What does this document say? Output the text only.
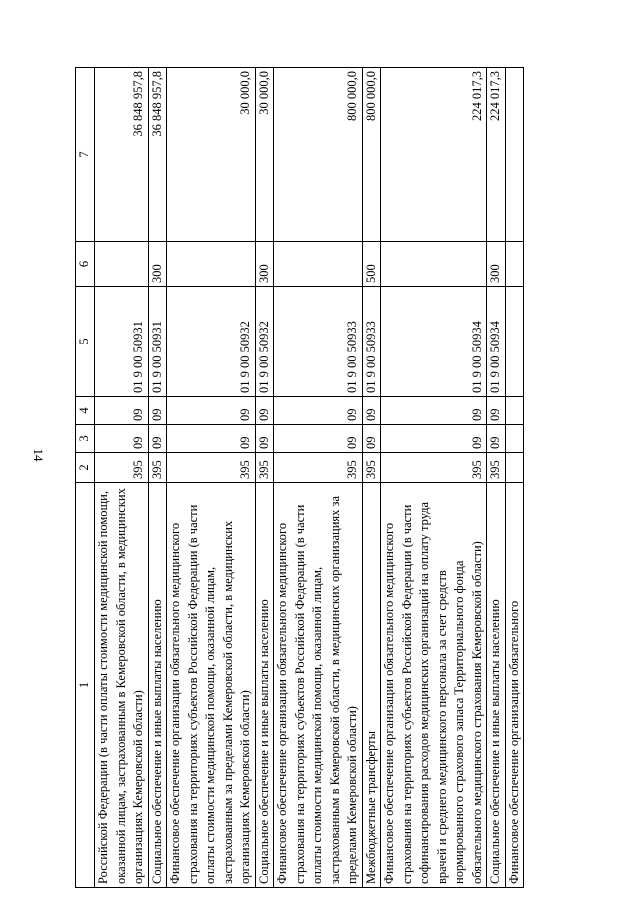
14
1	2	3	4	5	6	7
Российской Федерации (в части оплаты стоимости медицинской помощи, оказанной лицам, застрахованным в Кемеровской области, в медицинских организациях Кемеровской области)	395	09	09	01 9 00 50931		36 848 957,8
Социальное обеспечение и иные выплаты населению	395	09	09	01 9 00 50931	300	36 848 957,8
Финансовое обеспечение организации обязательного медицинского страхования на территориях субъектов Российской Федерации (в части оплаты стоимости медицинской помощи, оказанной лицам, застрахованным за пределами Кемеровской области, в медицинских организациях Кемеровской области)	395	09	09	01 9 00 50932		30 000,0
Социальное обеспечение и иные выплаты населению	395	09	09	01 9 00 50932	300	30 000,0
Финансовое обеспечение организации обязательного медицинского страхования на территориях субъектов Российской Федерации (в части оплаты стоимости медицинской помощи, оказанной лицам, застрахованным в Кемеровской области, в медицинских организациях за пределами Кемеровской области)	395	09	09	01 9 00 50933		800 000,0
Межбюджетные трансферты	395	09	09	01 9 00 50933	500	800 000,0
Финансовое обеспечение организации обязательного медицинского страхования на территориях субъектов Российской Федерации (в части софинансирования расходов медицинских организаций на оплату труда врачей и среднего медицинского персонала за счет средств нормированного страхового запаса Территориального фонда обязательного медицинского страхования Кемеровской области)	395	09	09	01 9 00 50934		224 017,3
Социальное обеспечение и иные выплаты населению	395	09	09	01 9 00 50934	300	224 017,3
Финансовое обеспечение организации обязательного						
